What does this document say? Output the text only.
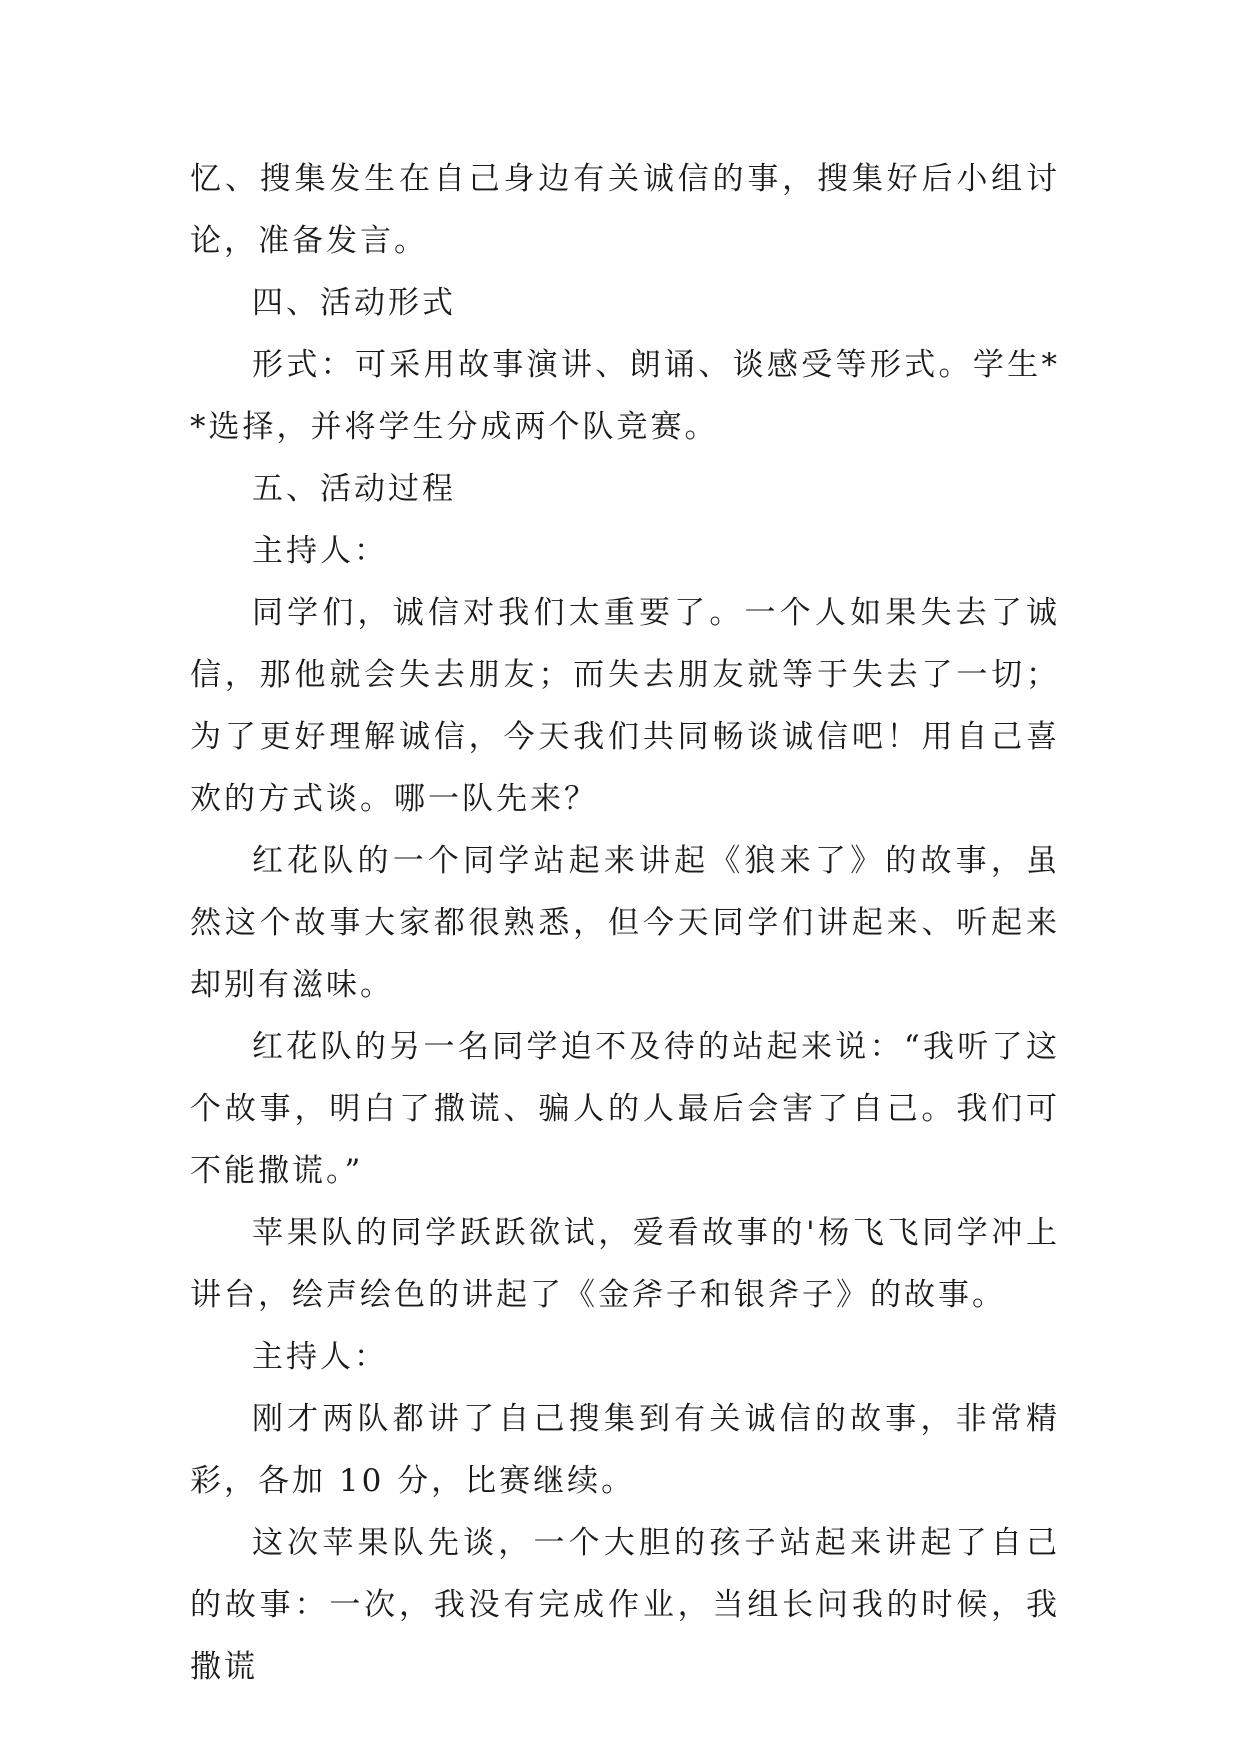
忆、搜集发生在自己身边有关诚信的事，搜集好后小组讨论，准备发言。

四、活动形式

形式：可采用故事演讲、朗诵、谈感受等形式。学生**选择，并将学生分成两个队竞赛。

五、活动过程

主持人：

同学们，诚信对我们太重要了。一个人如果失去了诚信，那他就会失去朋友；而失去朋友就等于失去了一切；为了更好理解诚信，今天我们共同畅谈诚信吧！用自己喜欢的方式谈。哪一队先来？

红花队的一个同学站起来讲起《狼来了》的故事，虽然这个故事大家都很熟悉，但今天同学们讲起来、听起来却别有滋味。

红花队的另一名同学迫不及待的站起来说：“我听了这个故事，明白了撒谎、骗人的人最后会害了自己。我们可不能撒谎。”

苹果队的同学跃跃欲试，爱看故事的'杨飞飞同学冲上讲台，绘声绘色的讲起了《金斧子和银斧子》的故事。

主持人：

刚才两队都讲了自己搜集到有关诚信的故事，非常精彩，各加 10 分，比赛继续。

这次苹果队先谈，一个大胆的孩子站起来讲起了自己的故事：一次，我没有完成作业，当组长问我的时候，我撒谎
